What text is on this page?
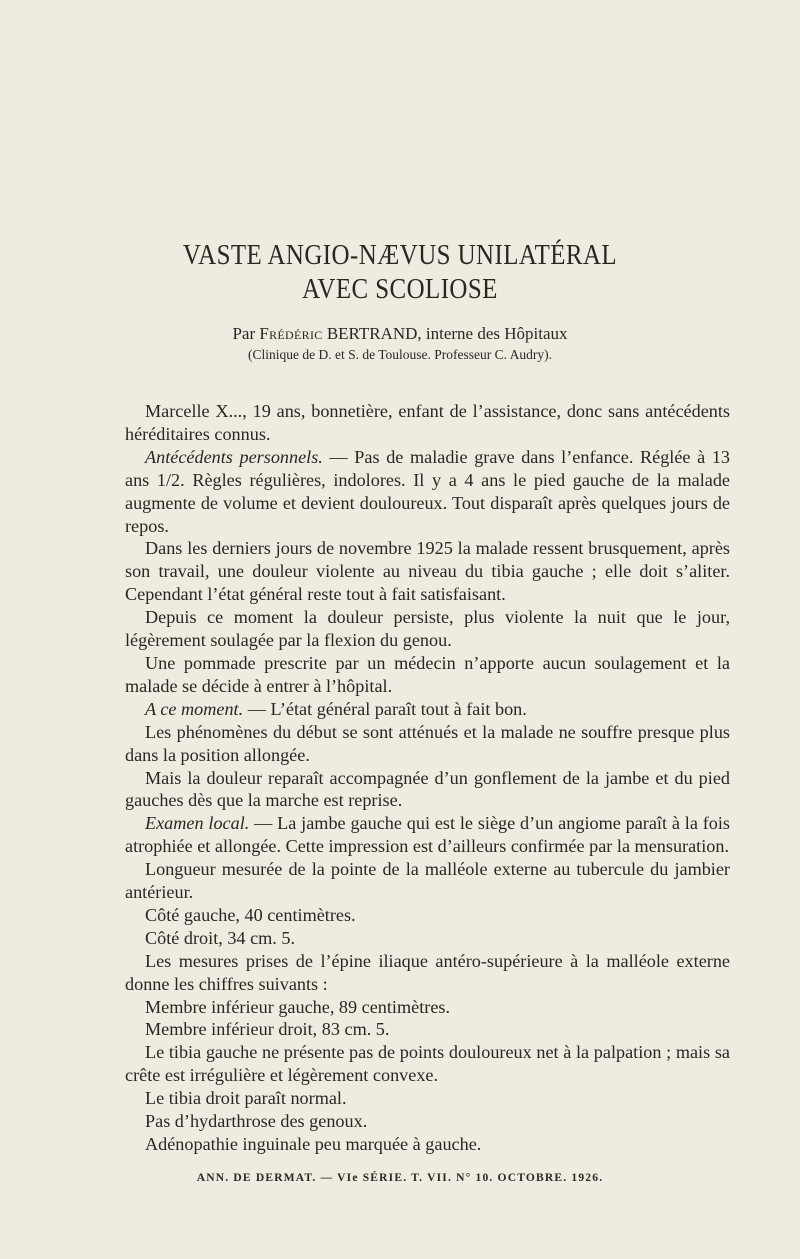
VASTE ANGIO-NÆVUS UNILATÉRAL
AVEC SCOLIOSE
Par Frédéric BERTRAND, interne des Hôpitaux
(Clinique de D. et S. de Toulouse. Professeur C. Audry).

Marcelle X..., 19 ans, bonnetière, enfant de l’assistance, donc sans antécédents héréditaires connus.

Antécédents personnels. — Pas de maladie grave dans l’enfance. Réglée à 13 ans 1/2. Règles régulières, indolores. Il y a 4 ans le pied gauche de la malade augmente de volume et devient douloureux. Tout disparaît après quelques jours de repos.

Dans les derniers jours de novembre 1925 la malade ressent brusquement, après son travail, une douleur violente au niveau du tibia gauche ; elle doit s’aliter. Cependant l’état général reste tout à fait satisfaisant.

Depuis ce moment la douleur persiste, plus violente la nuit que le jour, légèrement soulagée par la flexion du genou.

Une pommade prescrite par un médecin n’apporte aucun soulagement et la malade se décide à entrer à l’hôpital.

A ce moment. — L’état général paraît tout à fait bon.

Les phénomènes du début se sont atténués et la malade ne souffre presque plus dans la position allongée.

Mais la douleur reparaît accompagnée d’un gonflement de la jambe et du pied gauches dès que la marche est reprise.

Examen local. — La jambe gauche qui est le siège d’un angiome paraît à la fois atrophiée et allongée. Cette impression est d’ailleurs confirmée par la mensuration.

Longueur mesurée de la pointe de la malléole externe au tubercule du jambier antérieur.

Côté gauche, 40 centimètres.

Côté droit, 34 cm. 5.

Les mesures prises de l’épine iliaque antéro-supérieure à la malléole externe donne les chiffres suivants :

Membre inférieur gauche, 89 centimètres.

Membre inférieur droit, 83 cm. 5.

Le tibia gauche ne présente pas de points douloureux net à la palpation ; mais sa crête est irrégulière et légèrement convexe.

Le tibia droit paraît normal.

Pas d’hydarthrose des genoux.

Adénopathie inguinale peu marquée à gauche.

ANN. DE DERMAT. — VIe SÉRIE. T. VII. N° 10. OCTOBRE. 1926.
